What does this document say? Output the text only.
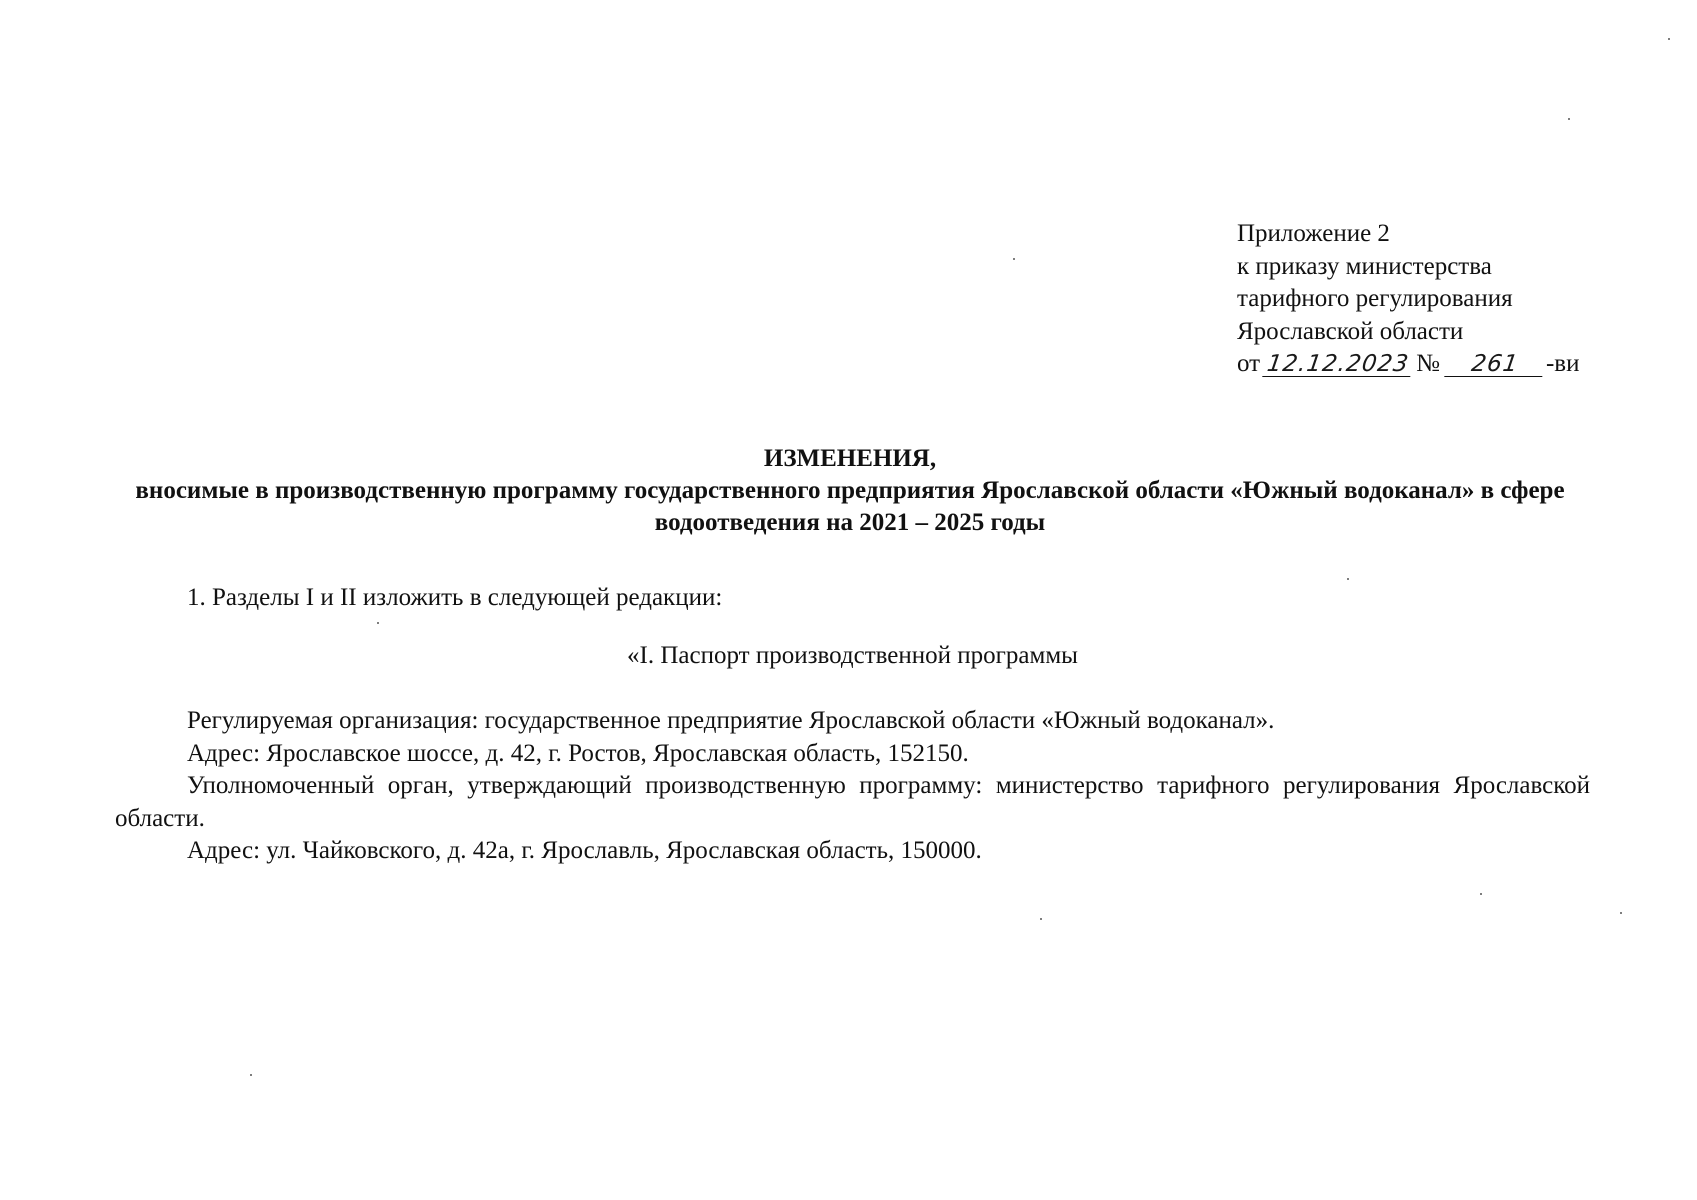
Приложение 2
к приказу министерства
тарифного регулирования
Ярославской области
от 12.12.2023 № 261 -ви
ИЗМЕНЕНИЯ,
вносимые в производственную программу государственного предприятия Ярославской области «Южный водоканал» в сфере водоотведения на 2021 – 2025 годы

1. Разделы I и II изложить в следующей редакции:

«I. Паспорт производственной программы

Регулируемая организация: государственное предприятие Ярославской области «Южный водоканал».

Адрес: Ярославское шоссе, д. 42, г. Ростов, Ярославская область, 152150.

Уполномоченный орган, утверждающий производственную программу: министерство тарифного регулирования Ярославской области.

Адрес: ул. Чайковского, д. 42а, г. Ярославль, Ярославская область, 150000.
